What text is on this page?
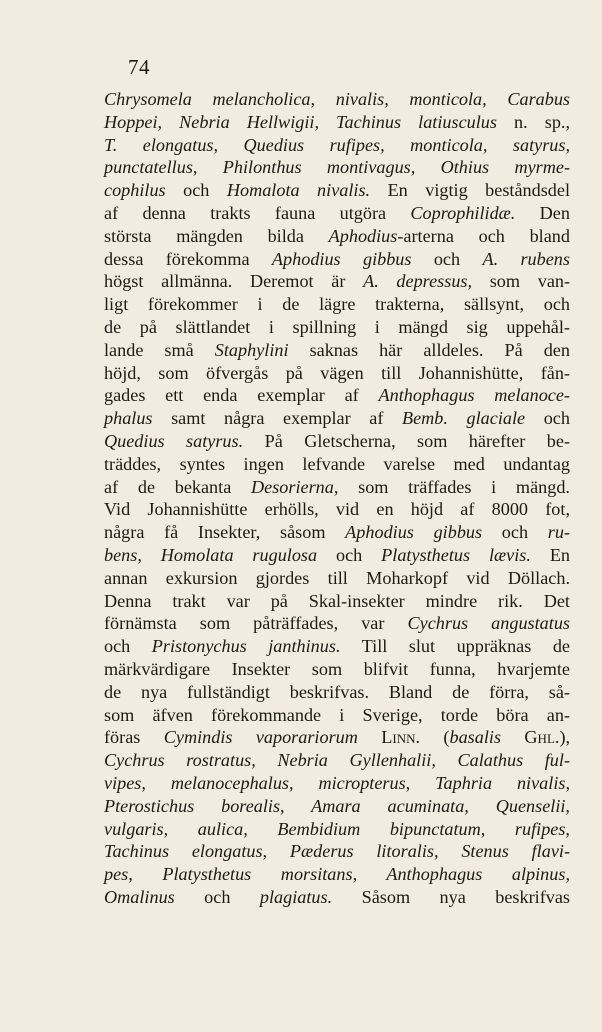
74
Chrysomela melancholica, nivalis, monticola, Carabus
Hoppei, Nebria Hellwigii, Tachinus latiusculus n. sp.,
T. elongatus, Quedius rufipes, monticola, satyrus,
punctatellus, Philonthus montivagus, Othius myrme-
cophilus och Homalota nivalis. En vigtig beståndsdel
af denna trakts fauna utgöra Coprophilidæ. Den
största mängden bilda Aphodius-arterna och bland
dessa förekomma Aphodius gibbus och A. rubens
högst allmänna. Deremot är A. depressus, som van-
ligt förekommer i de lägre trakterna, sällsynt, och
de på slättlandet i spillning i mängd sig uppehål-
lande små Staphylini saknas här alldeles. På den
höjd, som öfvergås på vägen till Johannishütte, fån-
gades ett enda exemplar af Anthophagus melanoce-
phalus samt några exemplar af Bemb. glaciale och
Quedius satyrus. På Gletscherna, som härefter be-
träddes, syntes ingen lefvande varelse med undantag
af de bekanta Desorierna, som träffades i mängd.
Vid Johannishütte erhölls, vid en höjd af 8000 fot,
några få Insekter, såsom Aphodius gibbus och ru-
bens, Homolata rugulosa och Platysthetus lævis. En
annan exkursion gjordes till Moharkopf vid Döllach.
Denna trakt var på Skal-insekter mindre rik. Det
förnämsta som påträffades, var Cychrus angustatus
och Pristonychus janthinus. Till slut uppräknas de
märkvärdigare Insekter som blifvit funna, hvarjemte
de nya fullständigt beskrifvas. Bland de förra, så-
som äfven förekommande i Sverige, torde böra an-
föras Cymindis vaporariorum Linn. (basalis Ghl.),
Cychrus rostratus, Nebria Gyllenhalii, Calathus ful-
vipes, melanocephalus, micropterus, Taphria nivalis,
Pterostichus borealis, Amara acuminata, Quenselii,
vulgaris, aulica, Bembidium bipunctatum, rufipes,
Tachinus elongatus, Pæderus litoralis, Stenus flavi-
pes, Platysthetus morsitans, Anthophagus alpinus,
Omalinus och plagiatus. Såsom nya beskrifvas
